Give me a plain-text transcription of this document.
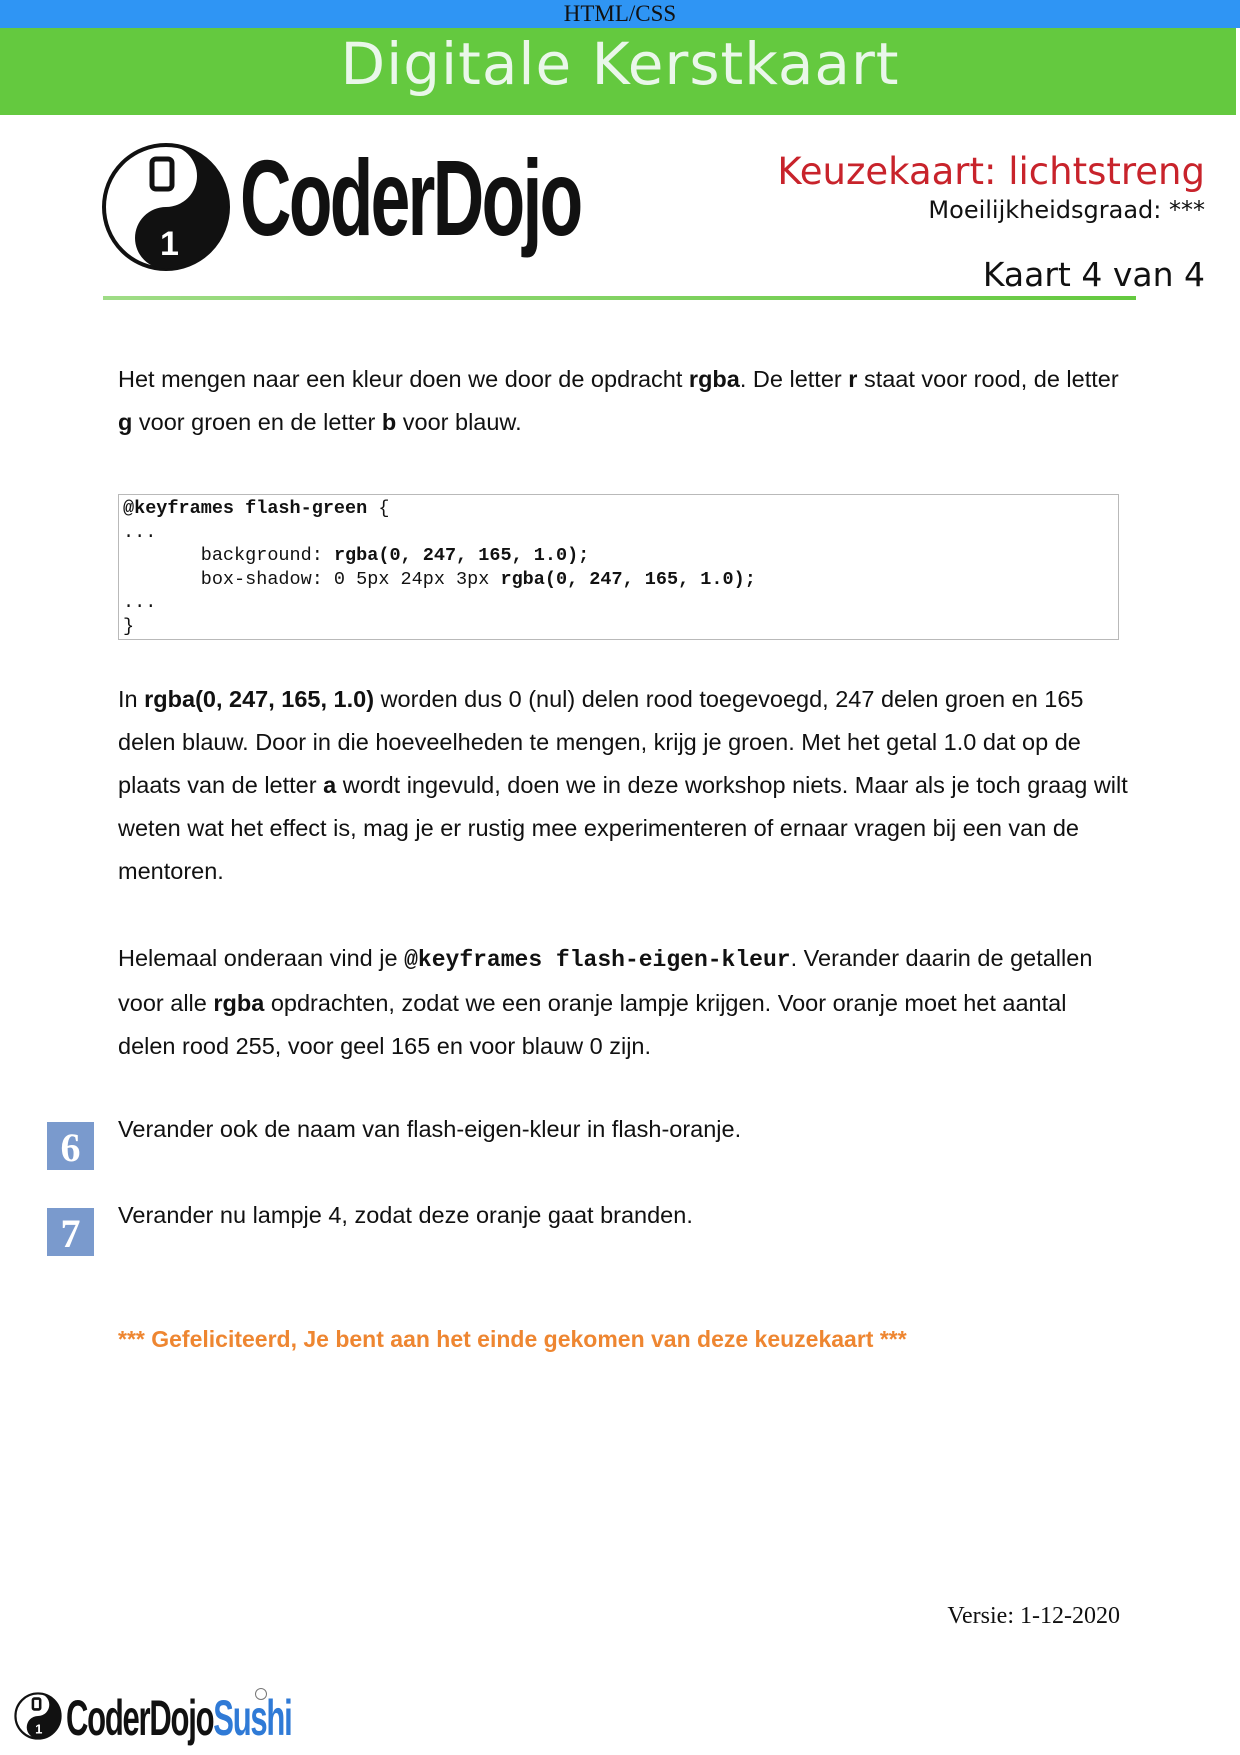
HTML/CSS
Digitale Kerstkaart
1 CoderDojo	Keuzekaart: lichtstreng
Moeilijkheidsgraad: ***
Kaart 4 van 4
Het mengen naar een kleur doen we door de opdracht rgba. De letter r staat voor rood, de letter g voor groen en de letter b voor blauw.
@keyframes flash-green {
...
background: rgba(0, 247, 165, 1.0);
box-shadow: 0 5px 24px 3px rgba(0, 247, 165, 1.0);
...
}
In rgba(0, 247, 165, 1.0) worden dus 0 (nul) delen rood toegevoegd, 247 delen groen en 165 delen blauw. Door in die hoeveelheden te mengen, krijg je groen. Met het getal 1.0 dat op de plaats van de letter a wordt ingevuld, doen we in deze workshop niets. Maar als je toch graag wilt weten wat het effect is, mag je er rustig mee experimenteren of ernaar vragen bij een van de mentoren.
Helemaal onderaan vind je @keyframes flash-eigen-kleur. Verander daarin de getallen voor alle rgba opdrachten, zodat we een oranje lampje krijgen. Voor oranje moet het aantal delen rood 255, voor geel 165 en voor blauw 0 zijn.
6	Verander ook de naam van flash-eigen-kleur in flash-oranje.
7	Verander nu lampje 4, zodat deze oranje gaat branden.
*** Gefeliciteerd, Je bent aan het einde gekomen van deze keuzekaart ***
Versie: 1-12-2020
1 CoderDojoSushi
